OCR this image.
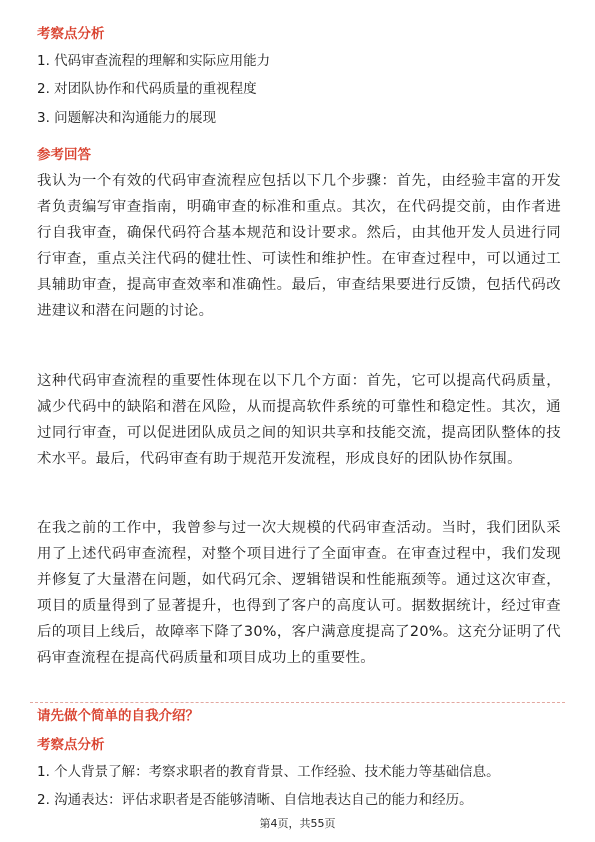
考察点分析
1. 代码审查流程的理解和实际应用能力
2. 对团队协作和代码质量的重视程度
3. 问题解决和沟通能力的展现
参考回答
我认为一个有效的代码审查流程应包括以下几个步骤：首先，由经验丰富的开发者负责编写审查指南，明确审查的标准和重点。其次，在代码提交前，由作者进行自我审查，确保代码符合基本规范和设计要求。然后，由其他开发人员进行同行审查，重点关注代码的健壮性、可读性和维护性。在审查过程中，可以通过工具辅助审查，提高审查效率和准确性。最后，审查结果要进行反馈，包括代码改进建议和潜在问题的讨论。
这种代码审查流程的重要性体现在以下几个方面：首先，它可以提高代码质量，减少代码中的缺陷和潜在风险，从而提高软件系统的可靠性和稳定性。其次，通过同行审查，可以促进团队成员之间的知识共享和技能交流，提高团队整体的技术水平。最后，代码审查有助于规范开发流程，形成良好的团队协作氛围。
在我之前的工作中，我曾参与过一次大规模的代码审查活动。当时，我们团队采用了上述代码审查流程，对整个项目进行了全面审查。在审查过程中，我们发现并修复了大量潜在问题，如代码冗余、逻辑错误和性能瓶颈等。通过这次审查，项目的质量得到了显著提升，也得到了客户的高度认可。据数据统计，经过审查后的项目上线后，故障率下降了30%，客户满意度提高了20%。这充分证明了代码审查流程在提高代码质量和项目成功上的重要性。
请先做个简单的自我介绍？
考察点分析
1. 个人背景了解：考察求职者的教育背景、工作经验、技术能力等基础信息。
2. 沟通表达：评估求职者是否能够清晰、自信地表达自己的能力和经历。
第4页，共55页
